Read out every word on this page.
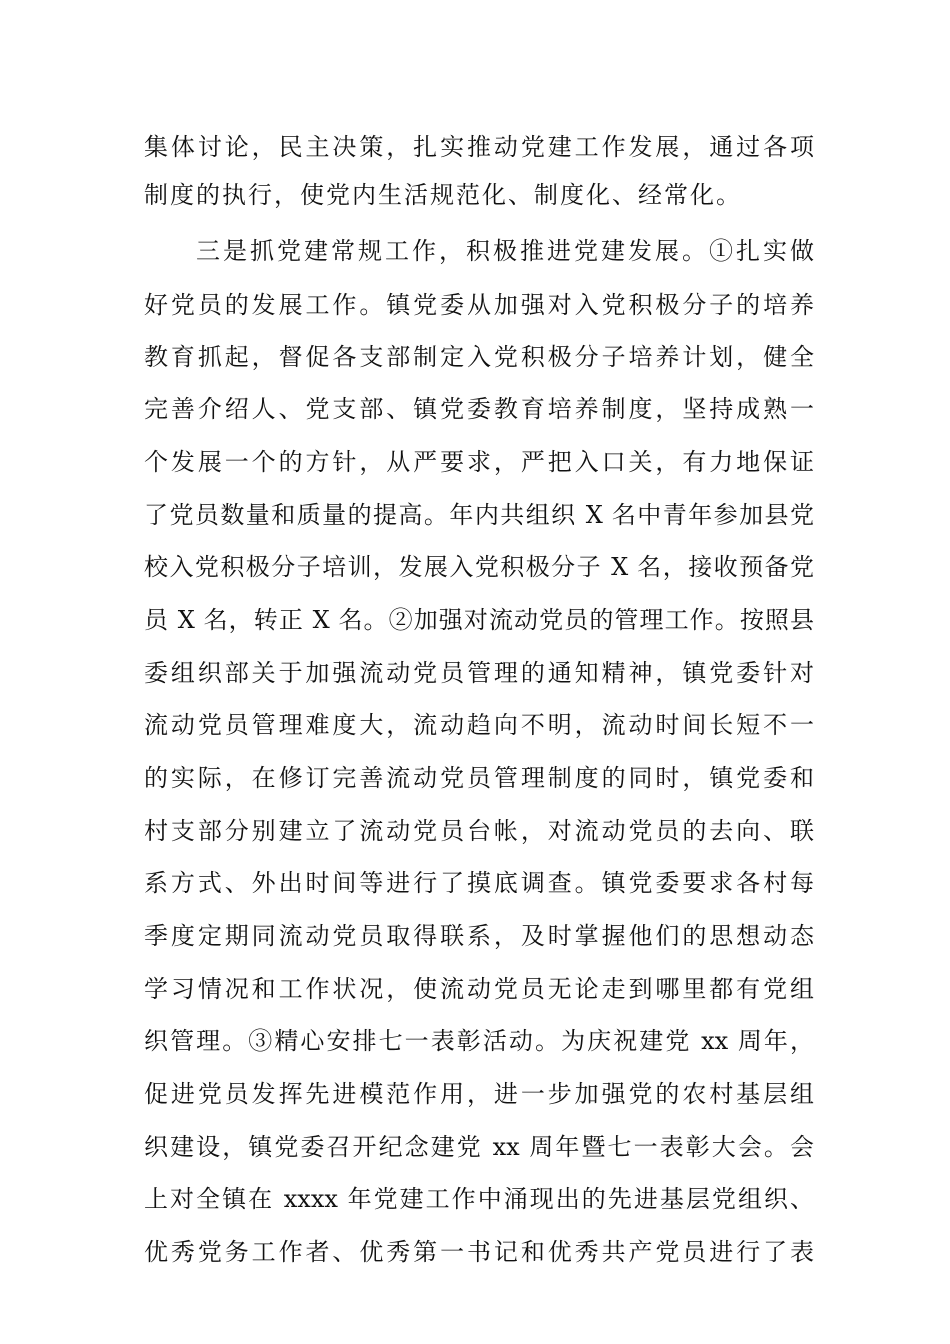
集体讨论，民主决策，扎实推动党建工作发展，通过各项
制度的执行，使党内生活规范化、制度化、经常化。
三是抓党建常规工作，积极推进党建发展。①扎实做
好党员的发展工作。镇党委从加强对入党积极分子的培养
教育抓起，督促各支部制定入党积极分子培养计划，健全
完善介绍人、党支部、镇党委教育培养制度，坚持成熟一
个发展一个的方针，从严要求，严把入口关，有力地保证
了党员数量和质量的提高。年内共组织 X 名中青年参加县党
校入党积极分子培训，发展入党积极分子 X 名，接收预备党
员 X 名，转正 X 名。②加强对流动党员的管理工作。按照县
委组织部关于加强流动党员管理的通知精神，镇党委针对
流动党员管理难度大，流动趋向不明，流动时间长短不一
的实际，在修订完善流动党员管理制度的同时，镇党委和
村支部分别建立了流动党员台帐，对流动党员的去向、联
系方式、外出时间等进行了摸底调查。镇党委要求各村每
季度定期同流动党员取得联系，及时掌握他们的思想动态
学习情况和工作状况，使流动党员无论走到哪里都有党组
织管理。③精心安排七一表彰活动。为庆祝建党 xx 周年，
促进党员发挥先进模范作用，进一步加强党的农村基层组
织建设，镇党委召开纪念建党 xx 周年暨七一表彰大会。会
上对全镇在 xxxx 年党建工作中涌现出的先进基层党组织、
优秀党务工作者、优秀第一书记和优秀共产党员进行了表
